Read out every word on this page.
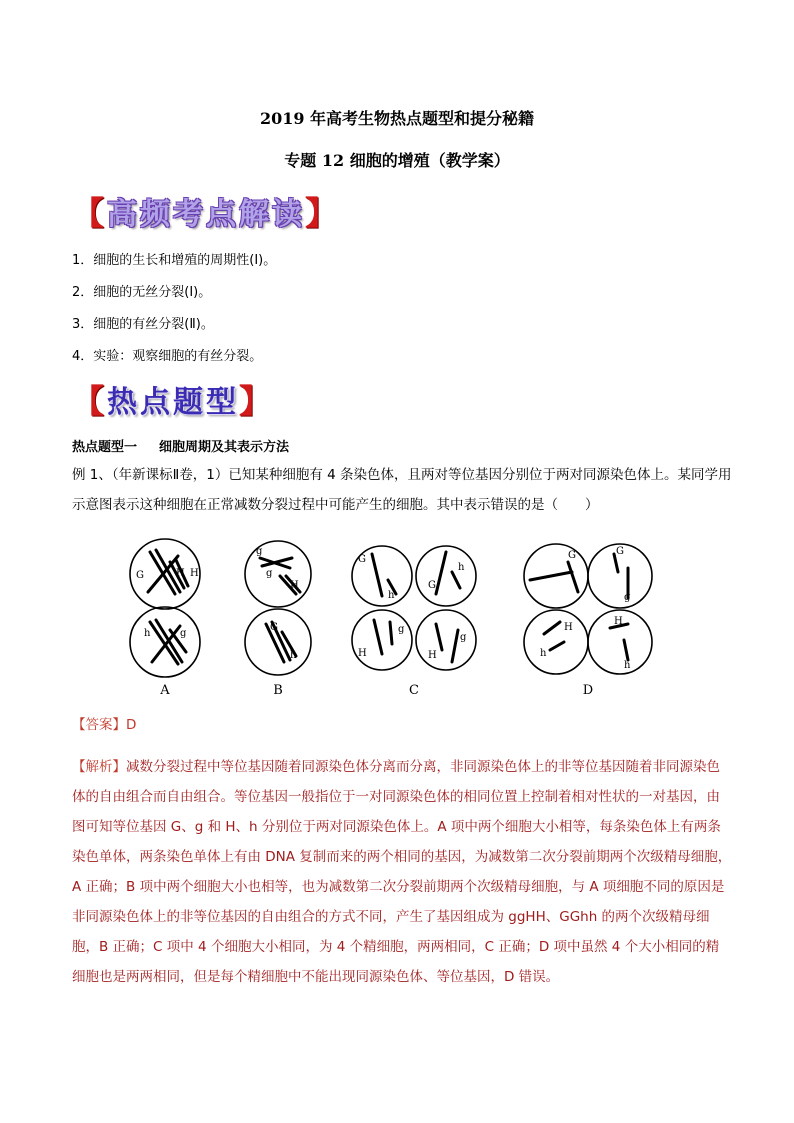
2019 年高考生物热点题型和提分秘籍
专题 12 细胞的增殖（教学案）
【 高频考点解读 】
1．细胞的生长和增殖的周期性(Ⅰ)。
2．细胞的无丝分裂(Ⅰ)。
3．细胞的有丝分裂(Ⅱ)。
4．实验：观察细胞的有丝分裂。
【 热点题型 】
热点题型一 细胞周期及其表示方法
例 1、（年新课标Ⅱ卷，1）已知某种细胞有 4 条染色体，且两对等位基因分别位于两对同源染色体上。某同学用示意图表示这种细胞在正常减数分裂过程中可能产生的细胞。其中表示错误的是（　　）
G	H H
h	g
g
g
H
G
h
G
h
G
h
H
g
H
g
G	G
g
H
h
H
h
A	B	C	D
【答案】D
【解析】减数分裂过程中等位基因随着同源染色体分离而分离，非同源染色体上的非等位基因随着非同源染色体的自由组合而自由组合。等位基因一般指位于一对同源染色体的相同位置上控制着相对性状的一对基因，由图可知等位基因 G、g 和 H、h 分别位于两对同源染色体上。A 项中两个细胞大小相等，每条染色体上有两条染色单体，两条染色单体上有由 DNA 复制而来的两个相同的基因，为减数第二次分裂前期两个次级精母细胞，A 正确；B 项中两个细胞大小也相等，也为减数第二次分裂前期两个次级精母细胞，与 A 项细胞不同的原因是非同源染色体上的非等位基因的自由组合的方式不同，产生了基因组成为 ggHH、GGhh 的两个次级精母细胞，B 正确；C 项中 4 个细胞大小相同，为 4 个精细胞，两两相同，C 正确；D 项中虽然 4 个大小相同的精细胞也是两两相同，但是每个精细胞中不能出现同源染色体、等位基因，D 错误。
